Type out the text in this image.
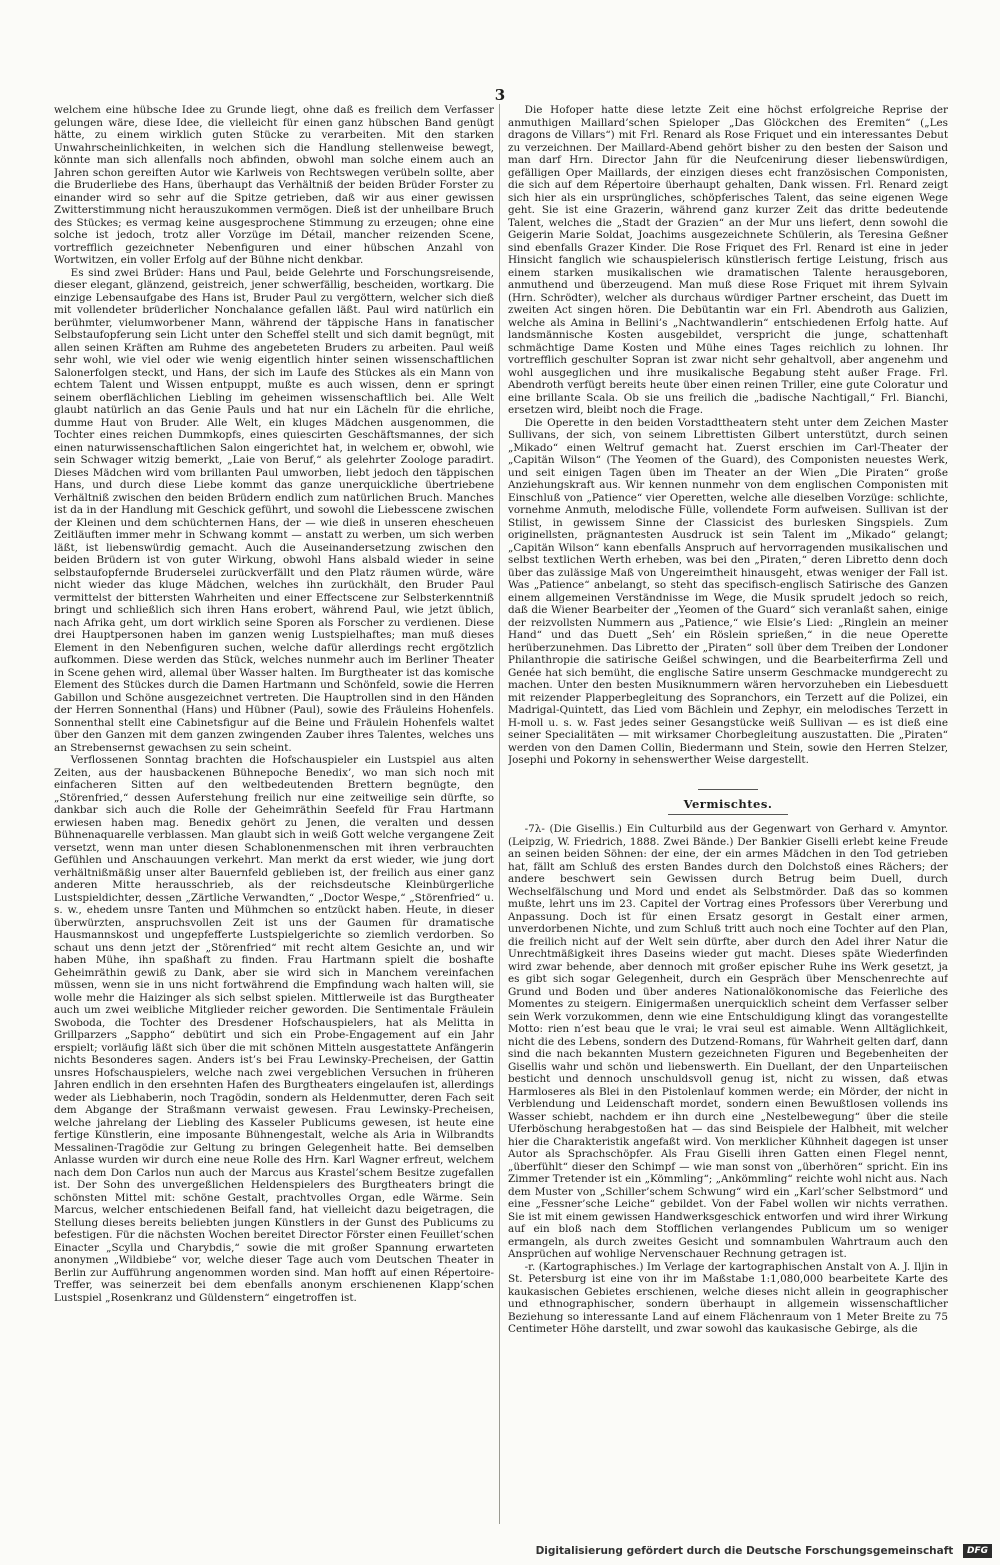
3

welchem eine hübsche Idee zu Grunde liegt, ohne daß es freilich dem Verfasser gelungen wäre, diese Idee, die vielleicht für einen ganz hübschen Band genügt hätte, zu einem wirklich guten Stücke zu verarbeiten. Mit den starken Unwahrscheinlichkeiten, in welchen sich die Handlung stellenweise bewegt, könnte man sich allenfalls noch abfinden, obwohl man solche einem auch an Jahren schon gereiften Autor wie Karlweis von Rechtswegen verübeln sollte, aber die Bruderliebe des Hans, überhaupt das Verhältniß der beiden Brüder Forster zu einander wird so sehr auf die Spitze getrieben, daß wir aus einer gewissen Zwitterstimmung nicht herauszukommen vermögen. Dieß ist der unheilbare Bruch des Stückes; es vermag keine ausgesprochene Stimmung zu erzeugen; ohne eine solche ist jedoch, trotz aller Vorzüge im Détail, mancher reizenden Scene, vortrefflich gezeichneter Nebenfiguren und einer hübschen Anzahl von Wortwitzen, ein voller Erfolg auf der Bühne nicht denkbar.

Es sind zwei Brüder: Hans und Paul, beide Gelehrte und Forschungsreisende, dieser elegant, glänzend, geistreich, jener schwerfällig, bescheiden, wortkarg. Die einzige Lebensaufgabe des Hans ist, Bruder Paul zu vergöttern, welcher sich dieß mit vollendeter brüderlicher Nonchalance gefallen läßt. Paul wird natürlich ein berühmter, vielumworbener Mann, während der täppische Hans in fanatischer Selbstaufopferung sein Licht unter den Scheffel stellt und sich damit begnügt, mit allen seinen Kräften am Ruhme des angebeteten Bruders zu arbeiten. Paul weiß sehr wohl, wie viel oder wie wenig eigentlich hinter seinen wissenschaftlichen Salonerfolgen steckt, und Hans, der sich im Laufe des Stückes als ein Mann von echtem Talent und Wissen entpuppt, mußte es auch wissen, denn er springt seinem oberflächlichen Liebling im geheimen wissenschaftlich bei. Alle Welt glaubt natürlich an das Genie Pauls und hat nur ein Lächeln für die ehrliche, dumme Haut von Bruder. Alle Welt, ein kluges Mädchen ausgenommen, die Tochter eines reichen Dummkopfs, eines quiescirten Geschäftsmannes, der sich einen naturwissenschaftlichen Salon eingerichtet hat, in welchem er, obwohl, wie sein Schwager witzig bemerkt, „Laie von Beruf,“ als gelehrter Zoologe paradirt. Dieses Mädchen wird vom brillanten Paul umworben, liebt jedoch den täppischen Hans, und durch diese Liebe kommt das ganze unerquickliche übertriebene Verhältniß zwischen den beiden Brüdern endlich zum natürlichen Bruch. Manches ist da in der Handlung mit Geschick geführt, und sowohl die Liebesscene zwischen der Kleinen und dem schüchternen Hans, der — wie dieß in unseren ehescheuen Zeitläuften immer mehr in Schwang kommt — anstatt zu werben, um sich werben läßt, ist liebenswürdig gemacht. Auch die Auseinandersetzung zwischen den beiden Brüdern ist von guter Wirkung, obwohl Hans alsbald wieder in seine selbstaufopfernde Bruderselei zurückverfällt und den Platz räumen würde, wäre nicht wieder das kluge Mädchen, welches ihn zurückhält, den Bruder Paul vermittelst der bittersten Wahrheiten und einer Effectscene zur Selbsterkenntniß bringt und schließlich sich ihren Hans erobert, während Paul, wie jetzt üblich, nach Afrika geht, um dort wirklich seine Sporen als Forscher zu verdienen. Diese drei Hauptpersonen haben im ganzen wenig Lustspielhaftes; man muß dieses Element in den Nebenfiguren suchen, welche dafür allerdings recht ergötzlich aufkommen. Diese werden das Stück, welches nunmehr auch im Berliner Theater in Scene gehen wird, allemal über Wasser halten. Im Burgtheater ist das komische Element des Stückes durch die Damen Hartmann und Schönfeld, sowie die Herren Gabillon und Schöne ausgezeichnet vertreten. Die Hauptrollen sind in den Händen der Herren Sonnenthal (Hans) und Hübner (Paul), sowie des Fräuleins Hohenfels. Sonnenthal stellt eine Cabinetsfigur auf die Beine und Fräulein Hohenfels waltet über den Ganzen mit dem ganzen zwingenden Zauber ihres Talentes, welches uns an Strebensernst gewachsen zu sein scheint.

Verflossenen Sonntag brachten die Hofschauspieler ein Lustspiel aus alten Zeiten, aus der hausbackenen Bühnepoche Benedix’, wo man sich noch mit einfacheren Sitten auf den weltbedeutenden Brettern begnügte, den „Störenfried,“ dessen Auferstehung freilich nur eine zeitweilige sein dürfte, so dankbar sich auch die Rolle der Geheimräthin Seefeld für Frau Hartmann erwiesen haben mag. Benedix gehört zu Jenen, die veralten und dessen Bühnenaquarelle verblassen. Man glaubt sich in weiß Gott welche vergangene Zeit versetzt, wenn man unter diesen Schablonenmenschen mit ihren verbrauchten Gefühlen und Anschauungen verkehrt. Man merkt da erst wieder, wie jung dort verhältnißmäßig unser alter Bauernfeld geblieben ist, der freilich aus einer ganz anderen Mitte herausschrieb, als der reichsdeutsche Kleinbürgerliche Lustspieldichter, dessen „Zärtliche Verwandten,“ „Doctor Wespe,“ „Störenfried“ u. s. w., ehedem unsre Tanten und Mühmchen so entzückt haben. Heute, in dieser überwürzten, anspruchsvollen Zeit ist uns der Gaumen für dramatische Hausmannskost und ungepfefferte Lustspielgerichte so ziemlich verdorben. So schaut uns denn jetzt der „Störenfried“ mit recht altem Gesichte an, und wir haben Mühe, ihn spaßhaft zu finden. Frau Hartmann spielt die boshafte Geheimräthin gewiß zu Dank, aber sie wird sich in Manchem vereinfachen müssen, wenn sie in uns nicht fortwährend die Empfindung wach halten will, sie wolle mehr die Haizinger als sich selbst spielen. Mittlerweile ist das Burgtheater auch um zwei weibliche Mitglieder reicher geworden. Die Sentimentale Fräulein Swoboda, die Tochter des Dresdener Hofschauspielers, hat als Melitta in Grillparzers „Sappho“ debütirt und sich ein Probe-Engagement auf ein Jahr erspielt; vorläufig läßt sich über die mit schönen Mitteln ausgestattete Anfängerin nichts Besonderes sagen. Anders ist’s bei Frau Lewinsky-Precheisen, der Gattin unsres Hofschauspielers, welche nach zwei vergeblichen Versuchen in früheren Jahren endlich in den ersehnten Hafen des Burgtheaters eingelaufen ist, allerdings weder als Liebhaberin, noch Tragödin, sondern als Heldenmutter, deren Fach seit dem Abgange der Straßmann verwaist gewesen. Frau Lewinsky-Precheisen, welche jahrelang der Liebling des Kasseler Publicums gewesen, ist heute eine fertige Künstlerin, eine imposante Bühnengestalt, welche als Aria in Wilbrandts Messalinen-Tragödie zur Geltung zu bringen Gelegenheit hatte. Bei demselben Anlasse wurden wir durch eine neue Rolle des Hrn. Karl Wagner erfreut, welchem nach dem Don Carlos nun auch der Marcus aus Krastel’schem Besitze zugefallen ist. Der Sohn des unvergeßlichen Heldenspielers des Burgtheaters bringt die schönsten Mittel mit: schöne Gestalt, prachtvolles Organ, edle Wärme. Sein Marcus, welcher entschiedenen Beifall fand, hat vielleicht dazu beigetragen, die Stellung dieses bereits beliebten jungen Künstlers in der Gunst des Publicums zu befestigen. Für die nächsten Wochen bereitet Director Förster einen Feuillet’schen Einacter „Scylla und Charybdis,“ sowie die mit großer Spannung erwarteten anonymen „Wildbiebe“ vor, welche dieser Tage auch vom Deutschen Theater in Berlin zur Aufführung angenommen worden sind. Man hofft auf einen Répertoire-Treffer, was seinerzeit bei dem ebenfalls anonym erschienenen Klapp’schen Lustspiel „Rosenkranz und Güldenstern“ eingetroffen ist.

Die Hofoper hatte diese letzte Zeit eine höchst erfolgreiche Reprise der anmuthigen Maillard’schen Spieloper „Das Glöckchen des Eremiten“ („Les dragons de Villars“) mit Frl. Renard als Rose Friquet und ein interessantes Debut zu verzeichnen. Der Maillard-Abend gehört bisher zu den besten der Saison und man darf Hrn. Director Jahn für die Neufcenirung dieser liebenswürdigen, gefälligen Oper Maillards, der einzigen dieses echt französischen Componisten, die sich auf dem Répertoire überhaupt gehalten, Dank wissen. Frl. Renard zeigt sich hier als ein ursprüngliches, schöpferisches Talent, das seine eigenen Wege geht. Sie ist eine Grazerin, während ganz kurzer Zeit das dritte bedeutende Talent, welches die „Stadt der Grazien“ an der Mur uns liefert, denn sowohl die Geigerin Marie Soldat, Joachims ausgezeichnete Schülerin, als Teresina Geßner sind ebenfalls Grazer Kinder. Die Rose Friquet des Frl. Renard ist eine in jeder Hinsicht fanglich wie schauspielerisch künstlerisch fertige Leistung, frisch aus einem starken musikalischen wie dramatischen Talente herausgeboren, anmuthend und überzeugend. Man muß diese Rose Friquet mit ihrem Sylvain (Hrn. Schrödter), welcher als durchaus würdiger Partner erscheint, das Duett im zweiten Act singen hören. Die Debütantin war ein Frl. Abendroth aus Galizien, welche als Amina in Bellini’s „Nachtwandlerin“ entschiedenen Erfolg hatte. Auf landsmännische Kosten ausgebildet, verspricht die junge, schattenhaft schmächtige Dame Kosten und Mühe eines Tages reichlich zu lohnen. Ihr vortrefflich geschulter Sopran ist zwar nicht sehr gehaltvoll, aber angenehm und wohl ausgeglichen und ihre musikalische Begabung steht außer Frage. Frl. Abendroth verfügt bereits heute über einen reinen Triller, eine gute Coloratur und eine brillante Scala. Ob sie uns freilich die „badische Nachtigall,“ Frl. Bianchi, ersetzen wird, bleibt noch die Frage.

Die Operette in den beiden Vorstadttheatern steht unter dem Zeichen Master Sullivans, der sich, von seinem Librettisten Gilbert unterstützt, durch seinen „Mikado“ einen Weltruf gemacht hat. Zuerst erschien im Carl-Theater der „Capitän Wilson“ (The Yeomen of the Guard), des Componisten neuestes Werk, und seit einigen Tagen üben im Theater an der Wien „Die Piraten“ große Anziehungskraft aus. Wir kennen nunmehr von dem englischen Componisten mit Einschluß von „Patience“ vier Operetten, welche alle dieselben Vorzüge: schlichte, vornehme Anmuth, melodische Fülle, vollendete Form aufweisen. Sullivan ist der Stilist, in gewissem Sinne der Classicist des burlesken Singspiels. Zum originellsten, prägnantesten Ausdruck ist sein Talent im „Mikado“ gelangt; „Capitän Wilson“ kann ebenfalls Anspruch auf hervorragenden musikalischen und selbst textlichen Werth erheben, was bei den „Piraten,“ deren Libretto denn doch über das zulässige Maß von Ungereimtheit hinausgeht, etwas weniger der Fall ist. Was „Patience“ anbelangt, so steht das specifisch-englisch Satirische des Ganzen einem allgemeinen Verständnisse im Wege, die Musik sprudelt jedoch so reich, daß die Wiener Bearbeiter der „Yeomen of the Guard“ sich veranlaßt sahen, einige der reizvollsten Nummern aus „Patience,“ wie Elsie’s Lied: „Ringlein an meiner Hand“ und das Duett „Seh’ ein Röslein sprießen,“ in die neue Operette herüberzunehmen. Das Libretto der „Piraten“ soll über dem Treiben der Londoner Philanthropie die satirische Geißel schwingen, und die Bearbeiterfirma Zell und Genée hat sich bemüht, die englische Satire unserm Geschmacke mundgerecht zu machen. Unter den besten Musiknummern wären hervorzuheben ein Liebesduett mit reizender Plapperbegleitung des Sopranchors, ein Terzett auf die Polizei, ein Madrigal-Quintett, das Lied vom Bächlein und Zephyr, ein melodisches Terzett in H-moll u. s. w. Fast jedes seiner Gesangstücke weiß Sullivan — es ist dieß eine seiner Specialitäten — mit wirksamer Chorbegleitung auszustatten. Die „Piraten“ werden von den Damen Collin, Biedermann und Stein, sowie den Herren Stelzer, Josephi und Pokorny in sehenswerther Weise dargestellt.

Vermischtes.

-7λ- (Die Gisellis.) Ein Culturbild aus der Gegenwart von Gerhard v. Amyntor. (Leipzig, W. Friedrich, 1888. Zwei Bände.) Der Bankier Giselli erlebt keine Freude an seinen beiden Söhnen: der eine, der ein armes Mädchen in den Tod getrieben hat, fällt am Schluß des ersten Bandes durch den Dolchstoß eines Rächers; der andere beschwert sein Gewissen durch Betrug beim Duell, durch Wechselfälschung und Mord und endet als Selbstmörder. Daß das so kommen mußte, lehrt uns im 23. Capitel der Vortrag eines Professors über Vererbung und Anpassung. Doch ist für einen Ersatz gesorgt in Gestalt einer armen, unverdorbenen Nichte, und zum Schluß tritt auch noch eine Tochter auf den Plan, die freilich nicht auf der Welt sein dürfte, aber durch den Adel ihrer Natur die Unrechtmäßigkeit ihres Daseins wieder gut macht. Dieses späte Wiederfinden wird zwar behende, aber dennoch mit großer epischer Ruhe ins Werk gesetzt, ja es gibt sich sogar Gelegenheit, durch ein Gespräch über Menschenrechte auf Grund und Boden und über anderes Nationalökonomische das Feierliche des Momentes zu steigern. Einigermaßen unerquicklich scheint dem Verfasser selber sein Werk vorzukommen, denn wie eine Entschuldigung klingt das vorangestellte Motto: rien n’est beau que le vrai; le vrai seul est aimable. Wenn Alltäglichkeit, nicht die des Lebens, sondern des Dutzend-Romans, für Wahrheit gelten darf, dann sind die nach bekannten Mustern gezeichneten Figuren und Begebenheiten der Gisellis wahr und schön und liebenswerth. Ein Duellant, der den Unparteiischen besticht und dennoch unschuldsvoll genug ist, nicht zu wissen, daß etwas Harmloseres als Blei in den Pistolenlauf kommen werde; ein Mörder, der nicht in Verblendung und Leidenschaft mordet, sondern einen Bewußtlosen vollends ins Wasser schiebt, nachdem er ihn durch eine „Nestelbewegung“ über die steile Uferböschung herabgestoßen hat — das sind Beispiele der Halbheit, mit welcher hier die Charakteristik angefaßt wird. Von merklicher Kühnheit dagegen ist unser Autor als Sprachschöpfer. Als Frau Giselli ihren Gatten einen Flegel nennt, „überfühlt“ dieser den Schimpf — wie man sonst von „überhören“ spricht. Ein ins Zimmer Tretender ist ein „Kömmling“; „Ankömmling“ reichte wohl nicht aus. Nach dem Muster von „Schiller’schem Schwung“ wird ein „Karl’scher Selbstmord“ und eine „Fessner’sche Leiche“ gebildet. Von der Fabel wollen wir nichts verrathen. Sie ist mit einem gewissen Handwerksgeschick entworfen und wird ihrer Wirkung auf ein bloß nach dem Stofflichen verlangendes Publicum um so weniger ermangeln, als durch zweites Gesicht und somnambulen Wahrtraum auch den Ansprüchen auf wohlige Nervenschauer Rechnung getragen ist.

-r. (Kartographisches.) Im Verlage der kartographischen Anstalt von A. J. Iljin in St. Petersburg ist eine von ihr im Maßstabe 1:1,080,000 bearbeitete Karte des kaukasischen Gebietes erschienen, welche dieses nicht allein in geographischer und ethnographischer, sondern überhaupt in allgemein wissenschaftlicher Beziehung so interessante Land auf einem Flächenraum von 1 Meter Breite zu 75 Centimeter Höhe darstellt, und zwar sowohl das kaukasische Gebirge, als die

Digitalisierung gefördert durch die Deutsche Forschungsgemeinschaft DFG
